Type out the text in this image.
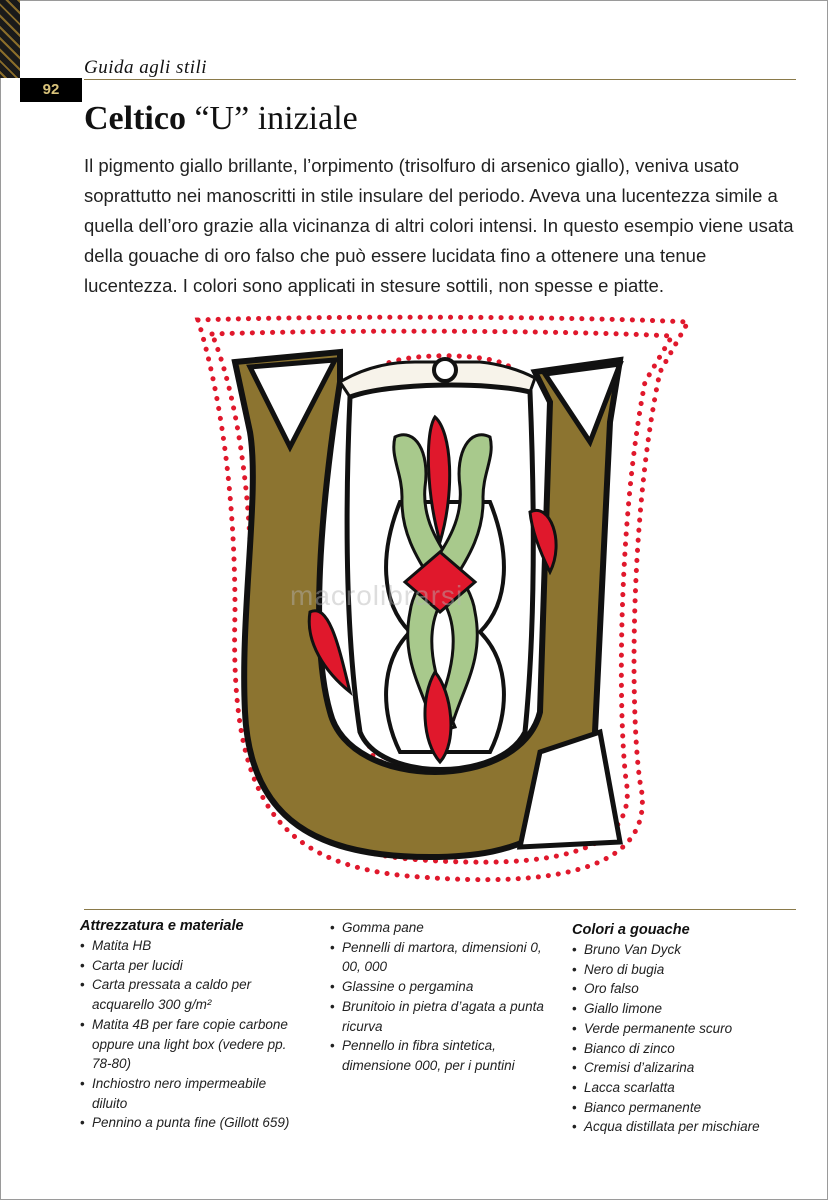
92
Guida agli stili
Celtico “U” iniziale

Il pigmento giallo brillante, l’orpimento (trisolfuro di arsenico giallo), veniva usato soprattutto nei manoscritti in stile insulare del periodo. Aveva una lucentezza simile a quella dell’oro grazie alla vicinanza di altri colori intensi. In questo esempio viene usata della gouache di oro falso che può essere lucidata fino a ottenere una tenue lucentezza. I colori sono applicati in stesure sottili, non spesse e piatte.

macrolibrarsi
Attrezzatura e materiale
• Matita HB
• Carta per lucidi
• Carta pressata a caldo per acquarello 300 g/m²
• Matita 4B per fare copie carbone oppure una light box (vedere pp. 78-80)
• Inchiostro nero impermeabile diluito
• Pennino a punta fine (Gillott 659)
• Gomma pane
• Pennelli di martora, dimensioni 0, 00, 000
• Glassine o pergamina
• Brunitoio in pietra d’agata a punta ricurva
• Pennello in fibra sintetica, dimensione 000, per i puntini
Colori a gouache
• Bruno Van Dyck
• Nero di bugia
• Oro falso
• Giallo limone
• Verde permanente scuro
• Bianco di zinco
• Cremisi d’alizarina
• Lacca scarlatta
• Bianco permanente
• Acqua distillata per mischiare
